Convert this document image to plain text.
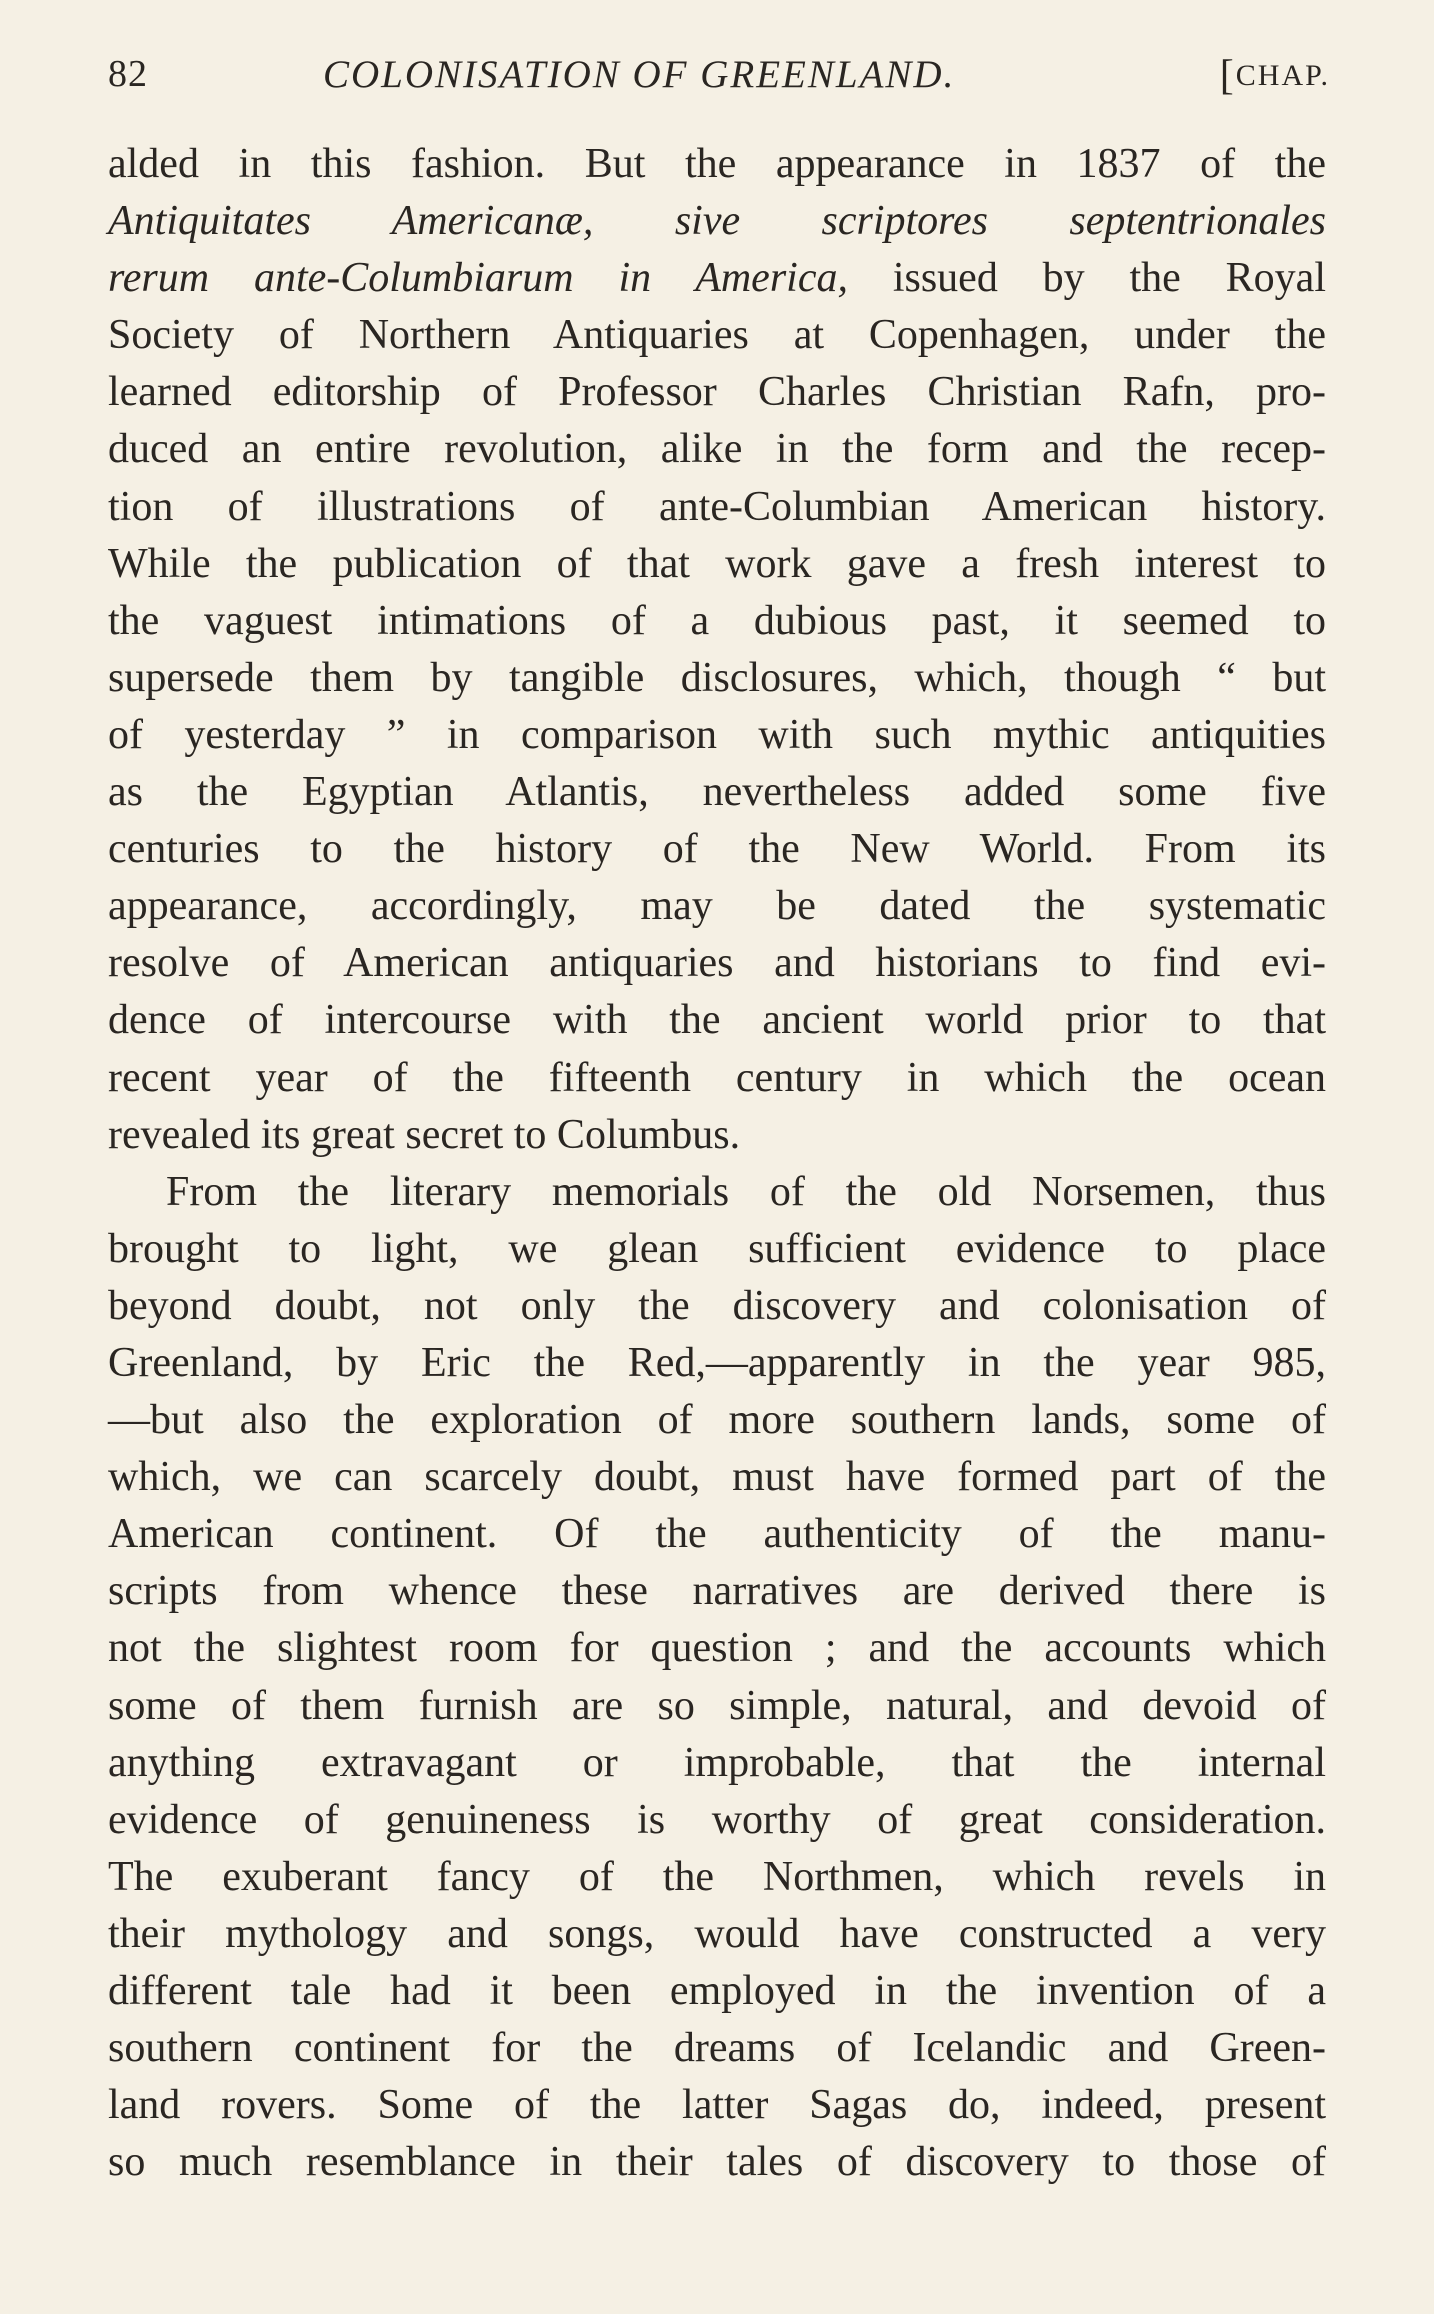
82	COLONISATION OF GREENLAND.	[CHAP.
alded in this fashion. But the appearance in 1837 of the
Antiquitates Americanæ, sive scriptores septentrionales
rerum ante-Columbiarum in America, issued by the Royal
Society of Northern Antiquaries at Copenhagen, under the
learned editorship of Professor Charles Christian Rafn, pro-
duced an entire revolution, alike in the form and the recep-
tion of illustrations of ante-Columbian American history.
While the publication of that work gave a fresh interest to
the vaguest intimations of a dubious past, it seemed to
supersede them by tangible disclosures, which, though “ but
of yesterday ” in comparison with such mythic antiquities
as the Egyptian Atlantis, nevertheless added some five
centuries to the history of the New World. From its
appearance, accordingly, may be dated the systematic
resolve of American antiquaries and historians to find evi-
dence of intercourse with the ancient world prior to that
recent year of the fifteenth century in which the ocean
revealed its great secret to Columbus.
From the literary memorials of the old Norsemen, thus
brought to light, we glean sufficient evidence to place
beyond doubt, not only the discovery and colonisation of
Greenland, by Eric the Red,—apparently in the year 985,
—but also the exploration of more southern lands, some of
which, we can scarcely doubt, must have formed part of the
American continent. Of the authenticity of the manu-
scripts from whence these narratives are derived there is
not the slightest room for question ; and the accounts which
some of them furnish are so simple, natural, and devoid of
anything extravagant or improbable, that the internal
evidence of genuineness is worthy of great consideration.
The exuberant fancy of the Northmen, which revels in
their mythology and songs, would have constructed a very
different tale had it been employed in the invention of a
southern continent for the dreams of Icelandic and Green-
land rovers. Some of the latter Sagas do, indeed, present
so much resemblance in their tales of discovery to those of
